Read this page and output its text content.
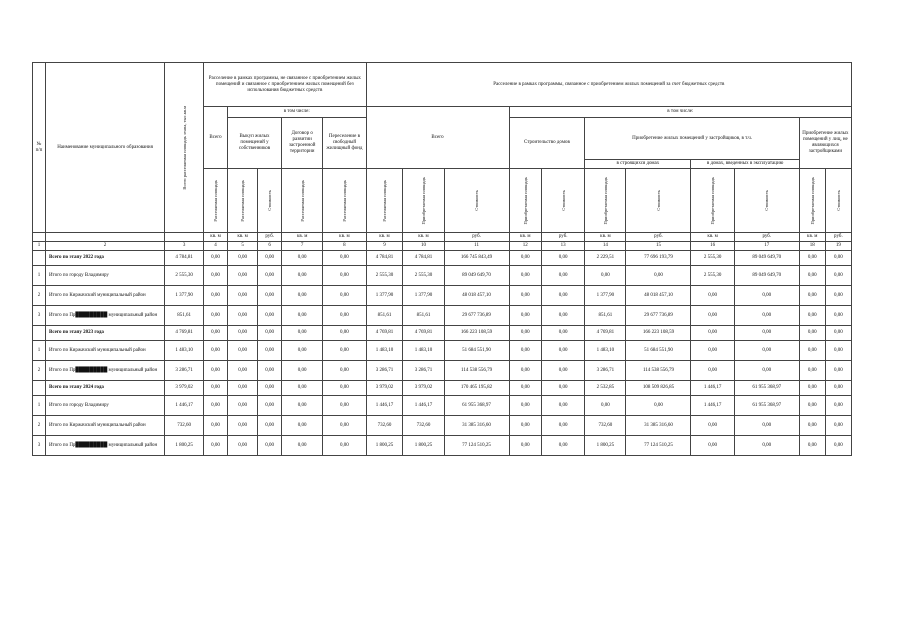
№ п/п	Наименование муниципального образования	Всего расселяемая площадь этапа, тыс.кв.м	Расселение в рамках программы, не связанное с приобретением жилых помещений и связанное с приобретением жилых помещений без использования бюджетных средств					Расселение в рамках программы, связанное с приобретением жилых помещений за счет бюджетных средств										
			Всего	в том числе:				Всего			в том числе:							
				Выкуп жилых помещений у собственников		Договор о развитии застроенной территории	Переселение в свободный жилищный фонд				Строительство домов		Приобретение жилых помещений у застройщиков, в т.ч.				Приобретение жилых помещений у лиц, не являющихся застройщиками	
													в строящихся домах		в домах, введенных в эксплуатацию			

			Расселяемая площадь	Расселяемая площадь	Стоимость	Расселяемая площадь	Расселяемая площадь	Расселяемая площадь	Приобретаемая площадь	Стоимость	Приобретаемая площадь	Стоимость	Приобретаемая площадь	Стоимость	Приобретаемая площадь	Стоимость	Приобретаемая площадь	Стоимость

			кв. м	кв. м	руб.	кв. м	кв. м	кв. м	кв. м	руб.	кв. м	руб.	кв. м	руб.	кв. м	руб.	кв. м	руб.
1	2	3	4	5	6	7	8	9	10	11	12	13	14	15	16	17	18	19
	Всего по этапу 2022 года	4 784,81	0,00	0,00	0,00	0,00	0,00	4 784,81	4 784,81	166 745 843,49	0,00	0,00	2 229,51	77 696 193,79	2 555,30	89 049 649,70	0,00	0,00
1	Итого по городу Владимиру	2 555,30	0,00	0,00	0,00	0,00	0,00	2 555,30	2 555,30	89 049 649,70	0,00	0,00	0,00	0,00	2 555,30	89 049 649,70	0,00	0,00
2	Итого по Киржачский муниципальный район	1 377,90	0,00	0,00	0,00	0,00	0,00	1 377,90	1 377,90	48 018 457,10	0,00	0,00	1 377,90	48 018 457,10	0,00	0,00	0,00	0,00
3	Итого по Пр█████████ муниципальный район	851,61	0,00	0,00	0,00	0,00	0,00	851,61	851,61	29 677 736,89	0,00	0,00	851,61	29 677 736,89	0,00	0,00	0,00	0,00
	Всего по этапу 2023 года	4 769,81	0,00	0,00	0,00	0,00	0,00	4 769,81	4 769,81	166 223 108,59	0,00	0,00	4 769,81	166 223 108,59	0,00	0,00	0,00	0,00
1	Итого по Киржачский муниципальный район	1 483,10	0,00	0,00	0,00	0,00	0,00	1 483,10	1 483,10	51 684 551,90	0,00	0,00	1 483,10	51 684 551,90	0,00	0,00	0,00	0,00
2	Итого по Пр█████████ муниципальный район	3 286,71	0,00	0,00	0,00	0,00	0,00	3 286,71	3 286,71	114 538 556,79	0,00	0,00	3 286,71	114 538 556,79	0,00	0,00	0,00	0,00
	Всего по этапу 2024 года	3 979,02	0,00	0,00	0,00	0,00	0,00	3 979,02	3 979,02	170 465 195,82	0,00	0,00	2 532,85	108 509 826,85	1 446,17	61 955 368,97	0,00	0,00
1	Итого по городу Владимиру	1 446,17	0,00	0,00	0,00	0,00	0,00	1 446,17	1 446,17	61 955 368,97	0,00	0,00	0,00	0,00	1 446,17	61 955 368,97	0,00	0,00
2	Итого по Киржачский муниципальный район	732,60	0,00	0,00	0,00	0,00	0,00	732,60	732,60	31 385 316,60	0,00	0,00	732,60	31 385 316,60	0,00	0,00	0,00	0,00
3	Итого по Пр█████████ муниципальный район	1 800,25	0,00	0,00	0,00	0,00	0,00	1 800,25	1 800,25	77 124 510,25	0,00	0,00	1 800,25	77 124 510,25	0,00	0,00	0,00	0,00
